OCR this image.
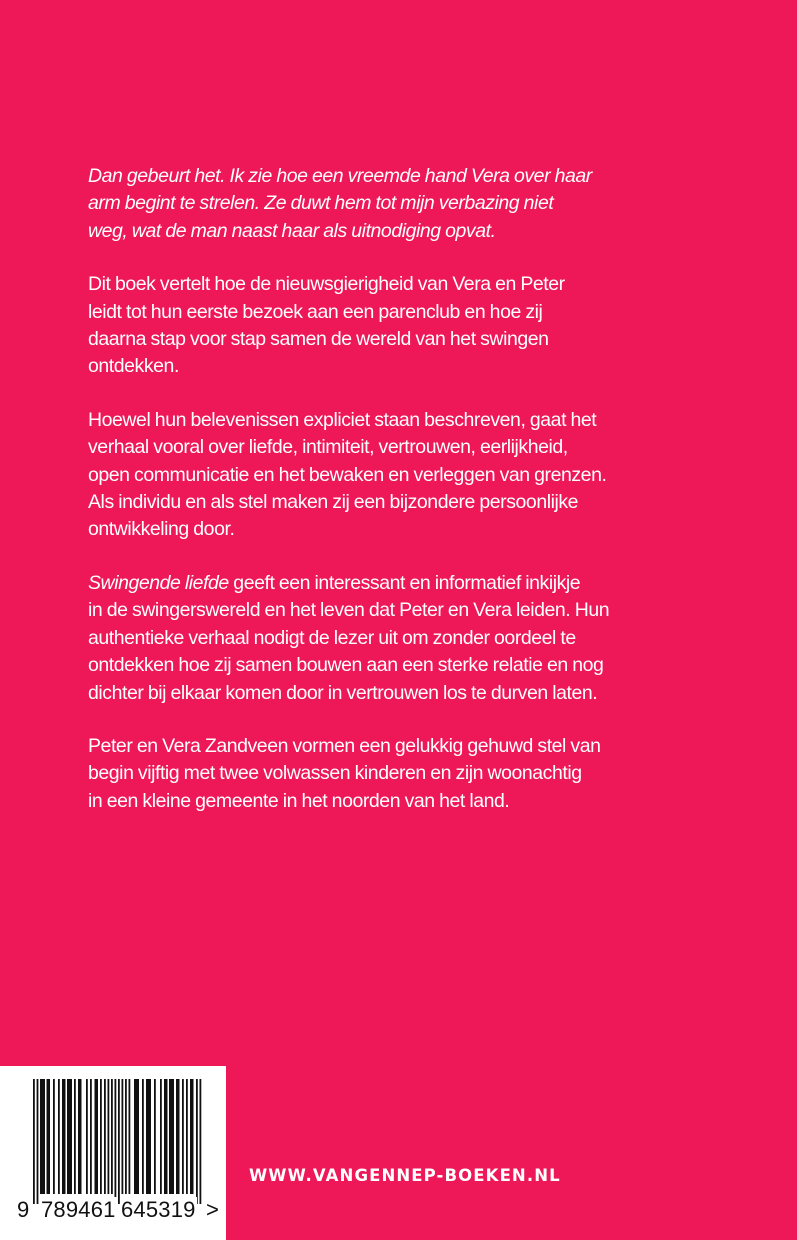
Dan gebeurt het. Ik zie hoe een vreemde hand Vera over haar
arm begint te strelen. Ze duwt hem tot mijn verbazing niet
weg, wat de man naast haar als uitnodiging opvat.

Dit boek vertelt hoe de nieuwsgierigheid van Vera en Peter
leidt tot hun eerste bezoek aan een parenclub en hoe zij
daarna stap voor stap samen de wereld van het swingen
ontdekken.

Hoewel hun belevenissen expliciet staan beschreven, gaat het
verhaal vooral over liefde, intimiteit, vertrouwen, eerlijkheid,
open communicatie en het bewaken en verleggen van grenzen.
Als individu en als stel maken zij een bijzondere persoonlijke
ontwikkeling door.

Swingende liefde geeft een interessant en informatief inkijkje
in de swingerswereld en het leven dat Peter en Vera leiden. Hun
authentieke verhaal nodigt de lezer uit om zonder oordeel te
ontdekken hoe zij samen bouwen aan een sterke relatie en nog
dichter bij elkaar komen door in vertrouwen los te durven laten.

Peter en Vera Zandveen vormen een gelukkig gehuwd stel van
begin vijftig met twee volwassen kinderen en zijn woonachtig
in een kleine gemeente in het noorden van het land.

9 789461 645319 >
WWW.VANGENNEP-BOEKEN.NL
